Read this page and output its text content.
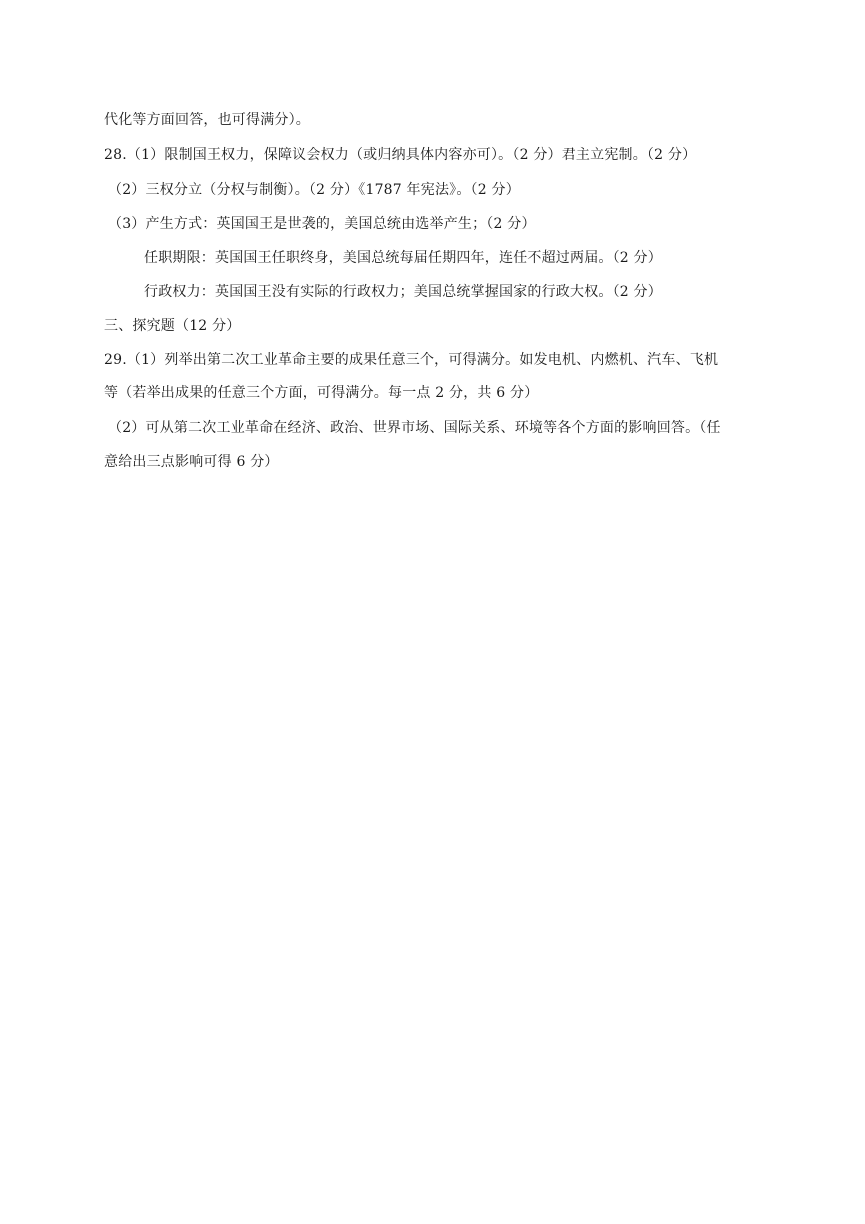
代化等方面回答，也可得满分）。
28.（1）限制国王权力，保障议会权力（或归纳具体内容亦可）。（2 分）君主立宪制。（2 分）
（2）三权分立（分权与制衡）。（2 分）《1787 年宪法》。（2 分）
（3）产生方式：英国国王是世袭的，美国总统由选举产生；（2 分）
任职期限：英国国王任职终身，美国总统每届任期四年，连任不超过两届。（2 分）
行政权力：英国国王没有实际的行政权力；美国总统掌握国家的行政大权。（2 分）
三、探究题（12 分）
29.（1）列举出第二次工业革命主要的成果任意三个，可得满分。如发电机、内燃机、汽车、飞机
等（若举出成果的任意三个方面，可得满分。每一点 2 分，共 6 分）
（2）可从第二次工业革命在经济、政治、世界市场、国际关系、环境等各个方面的影响回答。（任
意给出三点影响可得 6 分）
